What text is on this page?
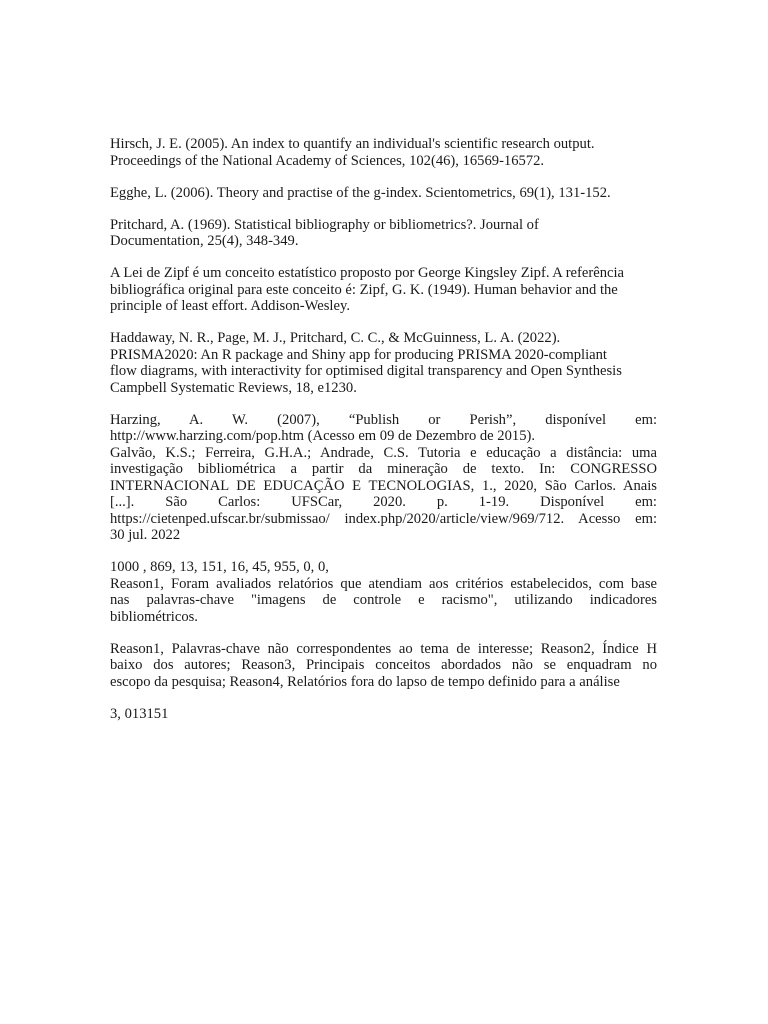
Hirsch, J. E. (2005). An index to quantify an individual's scientific research output.
Proceedings of the National Academy of Sciences, 102(46), 16569-16572.
Egghe, L. (2006). Theory and practise of the g-index. Scientometrics, 69(1), 131-152.
Pritchard, A. (1969). Statistical bibliography or bibliometrics?. Journal of
Documentation, 25(4), 348-349.
A Lei de Zipf é um conceito estatístico proposto por George Kingsley Zipf. A referência
bibliográfica original para este conceito é: Zipf, G. K. (1949). Human behavior and the
principle of least effort. Addison-Wesley.
Haddaway, N. R., Page, M. J., Pritchard, C. C., & McGuinness, L. A. (2022).
PRISMA2020: An R package and Shiny app for producing PRISMA 2020-compliant
flow diagrams, with interactivity for optimised digital transparency and Open Synthesis
Campbell Systematic Reviews, 18, e1230.
Harzing, A. W. (2007), “Publish or Perish”, disponível em:
http://www.harzing.com/pop.htm (Acesso em 09 de Dezembro de 2015).
Galvão, K.S.; Ferreira, G.H.A.; Andrade, C.S. Tutoria e educação a distância: uma
investigação bibliométrica a partir da mineração de texto. In: CONGRESSO
INTERNACIONAL DE EDUCAÇÃO E TECNOLOGIAS, 1., 2020, São Carlos. Anais
[...]. São Carlos: UFSCar, 2020. p. 1-19. Disponível em:
https://cietenped.ufscar.br/submissao/ index.php/2020/article/view/969/712. Acesso em:
30 jul. 2022
1000 , 869, 13, 151, 16, 45, 955, 0, 0,
Reason1, Foram avaliados relatórios que atendiam aos critérios estabelecidos, com base
nas palavras-chave "imagens de controle e racismo", utilizando indicadores
bibliométricos.
Reason1, Palavras-chave não correspondentes ao tema de interesse; Reason2, Índice H
baixo dos autores; Reason3, Principais conceitos abordados não se enquadram no
escopo da pesquisa; Reason4, Relatórios fora do lapso de tempo definido para a análise
3, 013151
